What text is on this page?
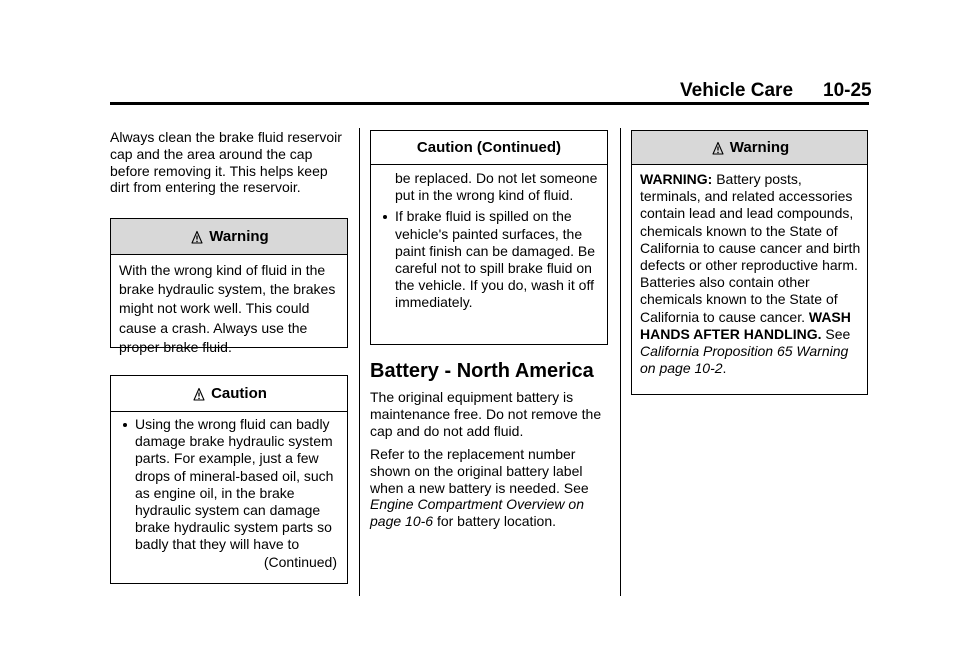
Vehicle Care 10-25

Always clean the brake fluid reservoir cap and the area around the cap before removing it. This helps keep dirt from entering the reservoir.

Warning
With the wrong kind of fluid in the brake hydraulic system, the brakes might not work well. This could cause a crash. Always use the proper brake fluid.
Caution
Using the wrong fluid can badly damage brake hydraulic system parts. For example, just a few drops of mineral-based oil, such as engine oil, in the brake hydraulic system can damage brake hydraulic system parts so badly that they will have to
(Continued)
Caution (Continued)
be replaced. Do not let someone put in the wrong kind of fluid.
If brake fluid is spilled on the vehicle's painted surfaces, the paint finish can be damaged. Be careful not to spill brake fluid on the vehicle. If you do, wash it off immediately.
Battery - North America

The original equipment battery is maintenance free. Do not remove the cap and do not add fluid.

Refer to the replacement number shown on the original battery label when a new battery is needed. See Engine Compartment Overview on page 10-6 for battery location.

Warning
WARNING: Battery posts, terminals, and related accessories contain lead and lead compounds, chemicals known to the State of California to cause cancer and birth defects or other reproductive harm. Batteries also contain other chemicals known to the State of California to cause cancer. WASH HANDS AFTER HANDLING. See California Proposition 65 Warning on page 10-2.
